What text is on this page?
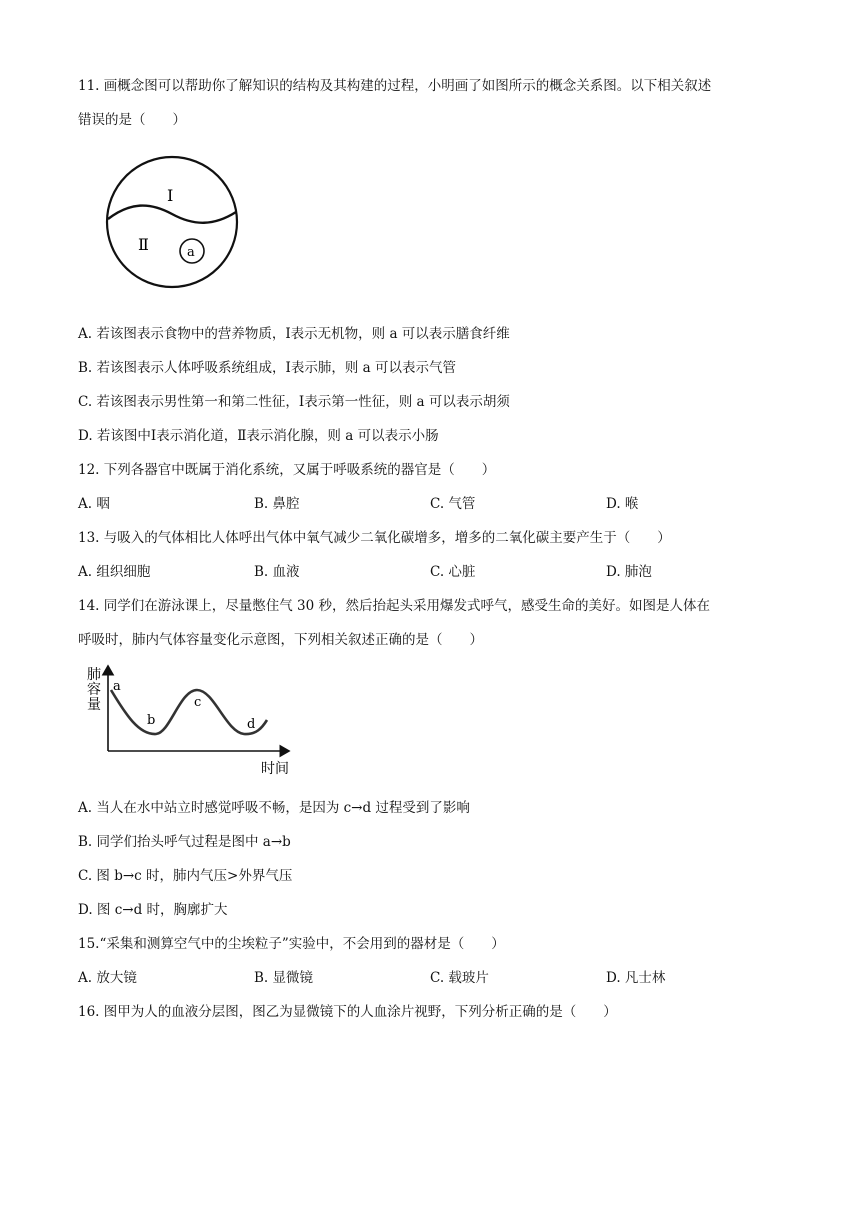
11. 画概念图可以帮助你了解知识的结构及其构建的过程，小明画了如图所示的概念关系图。以下相关叙述
错误的是（　　）
Ⅰ
Ⅱ	a
A. 若该图表示食物中的营养物质，Ⅰ表示无机物，则 a 可以表示膳食纤维
B. 若该图表示人体呼吸系统组成，Ⅰ表示肺，则 a 可以表示气管
C. 若该图表示男性第一和第二性征，Ⅰ表示第一性征，则 a 可以表示胡须
D. 若该图中Ⅰ表示消化道，Ⅱ表示消化腺，则 a 可以表示小肠
12. 下列各器官中既属于消化系统，又属于呼吸系统的器官是（　　）
A. 咽	B. 鼻腔	C. 气管	D. 喉
13. 与吸入的气体相比人体呼出气体中氧气减少二氧化碳增多，增多的二氧化碳主要产生于（　　）
A. 组织细胞	B. 血液	C. 心脏	D. 肺泡
14. 同学们在游泳课上，尽量憋住气 30 秒，然后抬起头采用爆发式呼气，感受生命的美好。如图是人体在
呼吸时，肺内气体容量变化示意图，下列相关叙述正确的是（　　）
肺
容
量
a
b
c
d
时间
A. 当人在水中站立时感觉呼吸不畅，是因为 c→d 过程受到了影响
B. 同学们抬头呼气过程是图中 a→b
C. 图 b→c 时，肺内气压>外界气压
D. 图 c→d 时，胸廓扩大
15.“采集和测算空气中的尘埃粒子”实验中，不会用到的器材是（　　）
A. 放大镜	B. 显微镜	C. 载玻片	D. 凡士林
16. 图甲为人的血液分层图，图乙为显微镜下的人血涂片视野，下列分析正确的是（　　）
